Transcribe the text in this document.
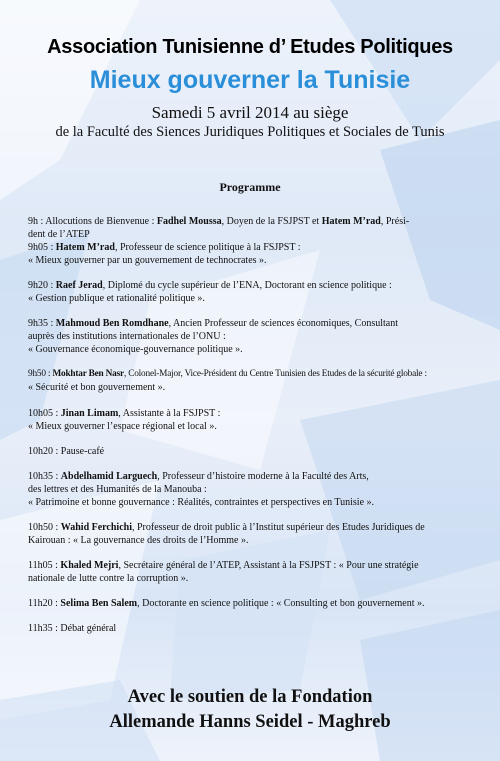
Association Tunisienne d’ Etudes Politiques
Mieux gouverner la Tunisie
Samedi 5 avril 2014 au siège
de la Faculté des Siences Juridiques Politiques et Sociales de Tunis
Programme
9h : Allocutions de Bienvenue : Fadhel Moussa, Doyen de la FSJPST et Hatem M’rad, Prési-
dent de l’ATEP
9h05 : Hatem M’rad, Professeur de science politique à la FSJPST :
« Mieux gouverner par un gouvernement de technocrates ».
9h20 : Raef Jerad, Diplomé du cycle supérieur de l’ENA, Doctorant en science politique :
« Gestion publique et rationalité politique ».
9h35 : Mahmoud Ben Romdhane, Ancien Professeur de sciences économiques, Consultant
auprès des institutions internationales de l’ONU :
« Gouvernance économique-gouvernance politique ».
9h50 : Mokhtar Ben Nasr, Colonel-Major, Vice-Président du Centre Tunisien des Etudes de la sécurité globale :
« Sécurité et bon gouvernement ».
10h05 : Jinan Limam, Assistante à la FSJPST :
« Mieux gouverner l’espace régional et local ».
10h20 : Pause-café
10h35 : Abdelhamid Larguech, Professeur d’histoire moderne à la Faculté des Arts,
des lettres et des Humanités de la Manouba :
« Patrimoine et bonne gouvernance : Réalités, contraintes et perspectives en Tunisie ».
10h50 : Wahid Ferchichi, Professeur de droit public à l’Institut supérieur des Etudes Juridiques de
Kairouan : « La gouvernance des droits de l’Homme ».
11h05 : Khaled Mejri, Secrétaire général de l’ATEP, Assistant à la FSJPST : « Pour une stratégie
nationale de lutte contre la corruption ».
11h20 : Selima Ben Salem, Doctorante en science politique : « Consulting et bon gouvernement ».
11h35 : Débat général
Avec le soutien de la Fondation
Allemande Hanns Seidel - Maghreb
